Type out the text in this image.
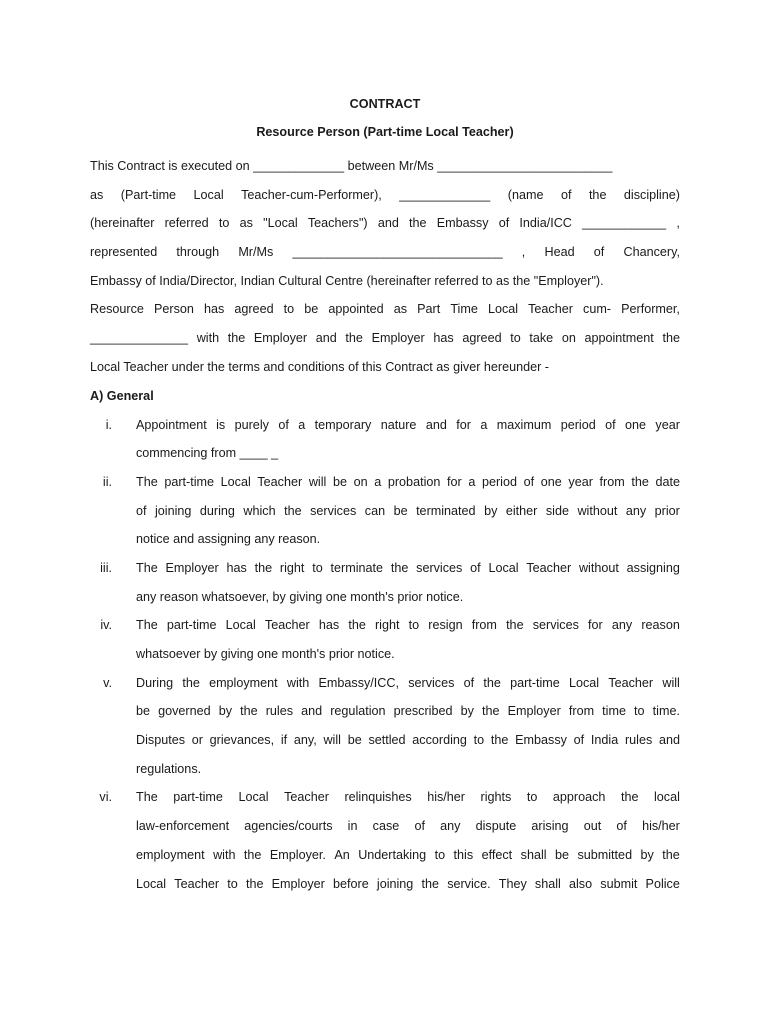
CONTRACT
Resource Person (Part-time Local Teacher)
This Contract is executed on _____________ between Mr/Ms _________________________
as (Part-time Local Teacher-cum-Performer), _____________ (name of the discipline)
(hereinafter referred to as "Local Teachers") and the Embassy of India/ICC ____________ ,
represented through Mr/Ms ______________________________ , Head of Chancery,
Embassy of India/Director, Indian Cultural Centre (hereinafter referred to as the "Employer").
Resource Person has agreed to be appointed as Part Time Local Teacher cum- Performer,
______________ with the Employer and the Employer has agreed to take on appointment the
Local Teacher under the terms and conditions of this Contract as giver hereunder -
A) General
i. Appointment is purely of a temporary nature and for a maximum period of one year
commencing from ____ _
ii. The part-time Local Teacher will be on a probation for a period of one year from the date
of joining during which the services can be terminated by either side without any prior
notice and assigning any reason.
iii. The Employer has the right to terminate the services of Local Teacher without assigning
any reason whatsoever, by giving one month's prior notice.
iv. The part-time Local Teacher has the right to resign from the services for any reason
whatsoever by giving one month's prior notice.
v. During the employment with Embassy/ICC, services of the part-time Local Teacher will
be governed by the rules and regulation prescribed by the Employer from time to time.
Disputes or grievances, if any, will be settled according to the Embassy of India rules and
regulations.
vi. The part-time Local Teacher relinquishes his/her rights to approach the local
law-enforcement agencies/courts in case of any dispute arising out of his/her
employment with the Employer. An Undertaking to this effect shall be submitted by the
Local Teacher to the Employer before joining the service. They shall also submit Police
